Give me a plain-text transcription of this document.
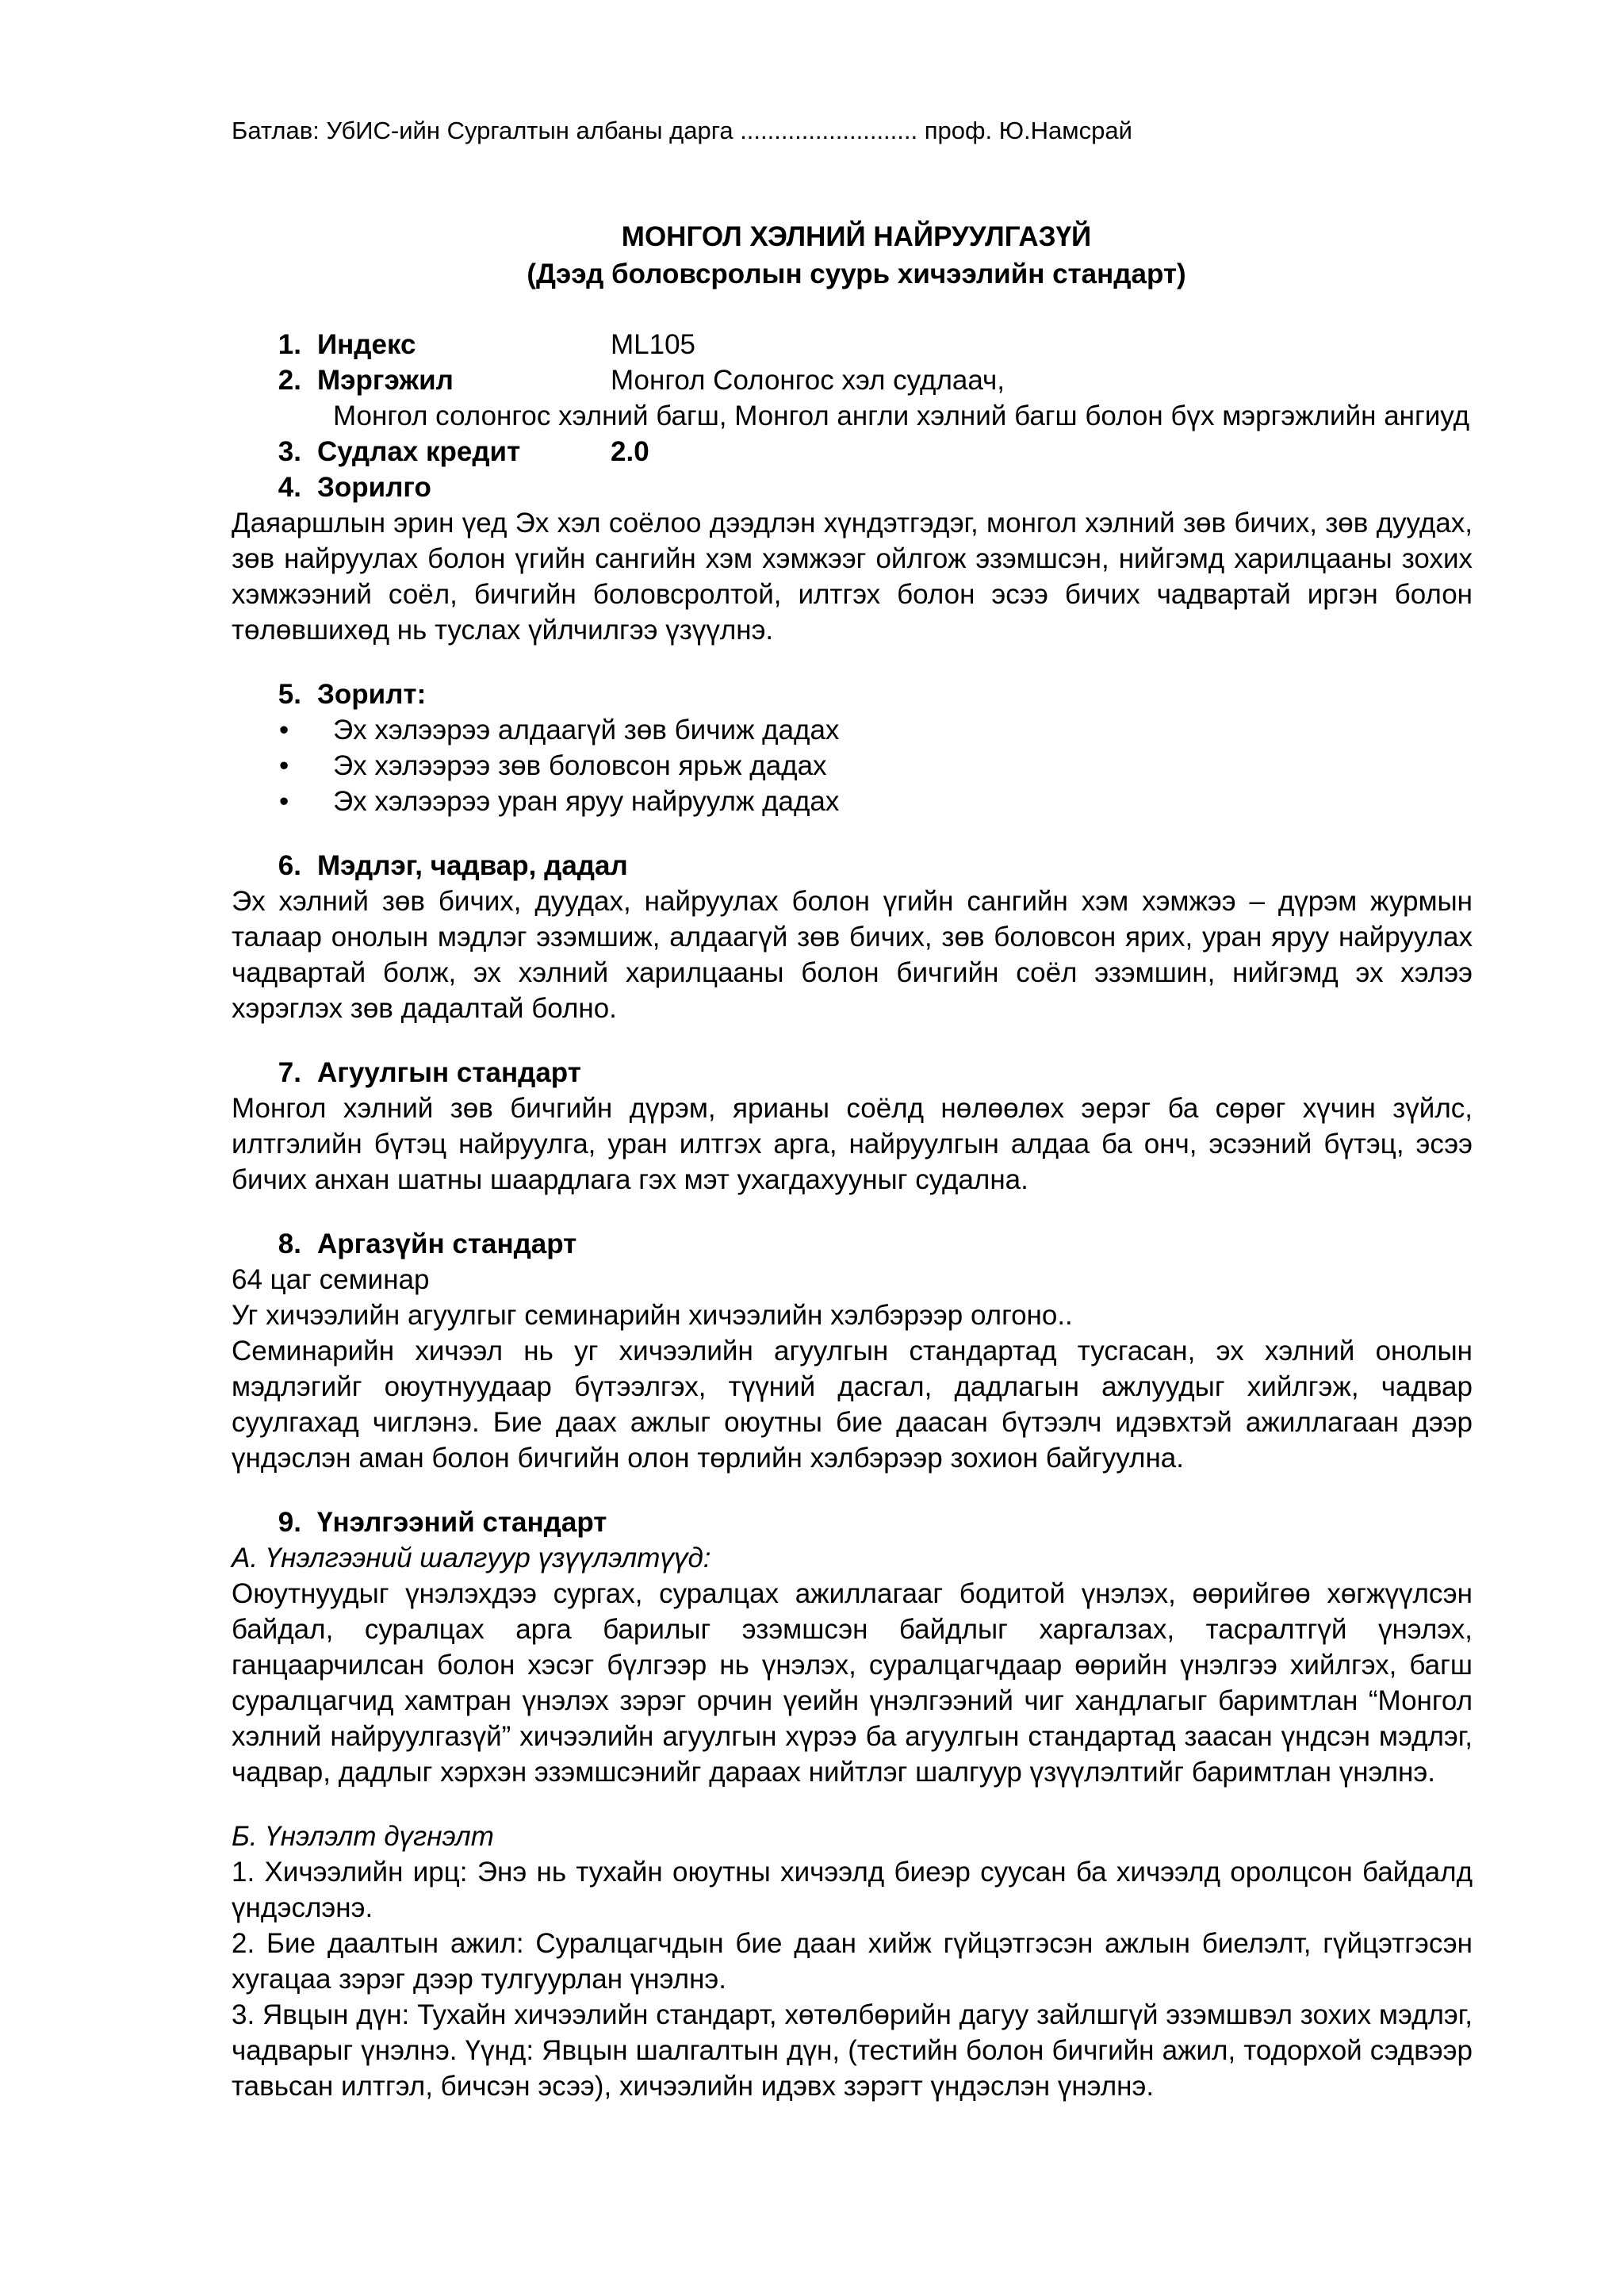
Батлав: УбИС-ийн Сургалтын албаны дарга .......................... проф. Ю.Намсрай
МОНГОЛ ХЭЛНИЙ НАЙРУУЛГАЗҮЙ
(Дээд боловсролын суурь хичээлийн стандарт)
1. Индекс	ML105
2. Мэргэжил	Монгол Солонгос хэл судлаач,
Монгол солонгос хэлний багш, Монгол англи хэлний багш болон бүх мэргэжлийн ангиуд
3. Судлах кредит	2.0
4. Зорилго
Даяаршлын эрин үед Эх хэл соёлоо дээдлэн хүндэтгэдэг, монгол хэлний зөв бичих, зөв дуудах, зөв найруулах болон үгийн сангийн хэм хэмжээг ойлгож эзэмшсэн, нийгэмд харилцааны зохих хэмжээний соёл, бичгийн боловсролтой, илтгэх болон эсээ бичих чадвартай иргэн болон төлөвшихөд нь туслах үйлчилгээ үзүүлнэ.
5. Зорилт:
•	Эх хэлээрээ алдаагүй зөв бичиж дадах
•	Эх хэлээрээ зөв боловсон ярьж дадах
•	Эх хэлээрээ уран яруу найруулж дадах
6. Мэдлэг, чадвар, дадал
Эх хэлний зөв бичих, дуудах, найруулах болон үгийн сангийн хэм хэмжээ – дүрэм журмын талаар онолын мэдлэг эзэмшиж, алдаагүй зөв бичих, зөв боловсон ярих, уран яруу найруулах чадвартай болж, эх хэлний харилцааны болон бичгийн соёл эзэмшин, нийгэмд эх хэлээ хэрэглэх зөв дадалтай болно.
7. Агуулгын стандарт
Монгол хэлний зөв бичгийн дүрэм, ярианы соёлд нөлөөлөх эерэг ба сөрөг хүчин зүйлс, илтгэлийн бүтэц найруулга, уран илтгэх арга, найруулгын алдаа ба онч, эсээний бүтэц, эсээ бичих анхан шатны шаардлага гэх мэт ухагдахууныг судална.
8. Аргазүйн стандарт
64 цаг семинар
Уг хичээлийн агуулгыг семинарийн хичээлийн хэлбэрээр олгоно..
Семинарийн хичээл нь уг хичээлийн агуулгын стандартад тусгасан, эх хэлний онолын мэдлэгийг оюутнуудаар бүтээлгэх, түүний дасгал, дадлагын ажлуудыг хийлгэж, чадвар суулгахад чиглэнэ. Бие даах ажлыг оюутны бие даасан бүтээлч идэвхтэй ажиллагаан дээр үндэслэн аман болон бичгийн олон төрлийн хэлбэрээр зохион байгуулна.
9. Үнэлгээний стандарт
А. Үнэлгээний шалгуур үзүүлэлтүүд:
Оюутнуудыг үнэлэхдээ сургах, суралцах ажиллагааг бодитой үнэлэх, өөрийгөө хөгжүүлсэн байдал, суралцах арга барилыг эзэмшсэн байдлыг харгалзах, тасралтгүй үнэлэх, ганцаарчилсан болон хэсэг бүлгээр нь үнэлэх, суралцагчдаар өөрийн үнэлгээ хийлгэх, багш суралцагчид хамтран үнэлэх зэрэг орчин үеийн үнэлгээний чиг хандлагыг баримтлан “Монгол хэлний найруулгазүй” хичээлийн агуулгын хүрээ ба агуулгын стандартад заасан үндсэн мэдлэг, чадвар, дадлыг хэрхэн эзэмшсэнийг дараах нийтлэг шалгуур үзүүлэлтийг баримтлан үнэлнэ.
Б. Үнэлэлт дүгнэлт
1. Хичээлийн ирц: Энэ нь тухайн оюутны хичээлд биеэр суусан ба хичээлд оролцсон байдалд үндэслэнэ.
2. Бие даалтын ажил: Суралцагчдын бие даан хийж гүйцэтгэсэн ажлын биелэлт, гүйцэтгэсэн хугацаа зэрэг дээр тулгуурлан үнэлнэ.
3. Явцын дүн: Тухайн хичээлийн стандарт, хөтөлбөрийн дагуу зайлшгүй эзэмшвэл зохих мэдлэг, чадварыг үнэлнэ. Үүнд: Явцын шалгалтын дүн, (тестийн болон бичгийн ажил, тодорхой сэдвээр тавьсан илтгэл, бичсэн эсээ), хичээлийн идэвх зэрэгт үндэслэн үнэлнэ.
